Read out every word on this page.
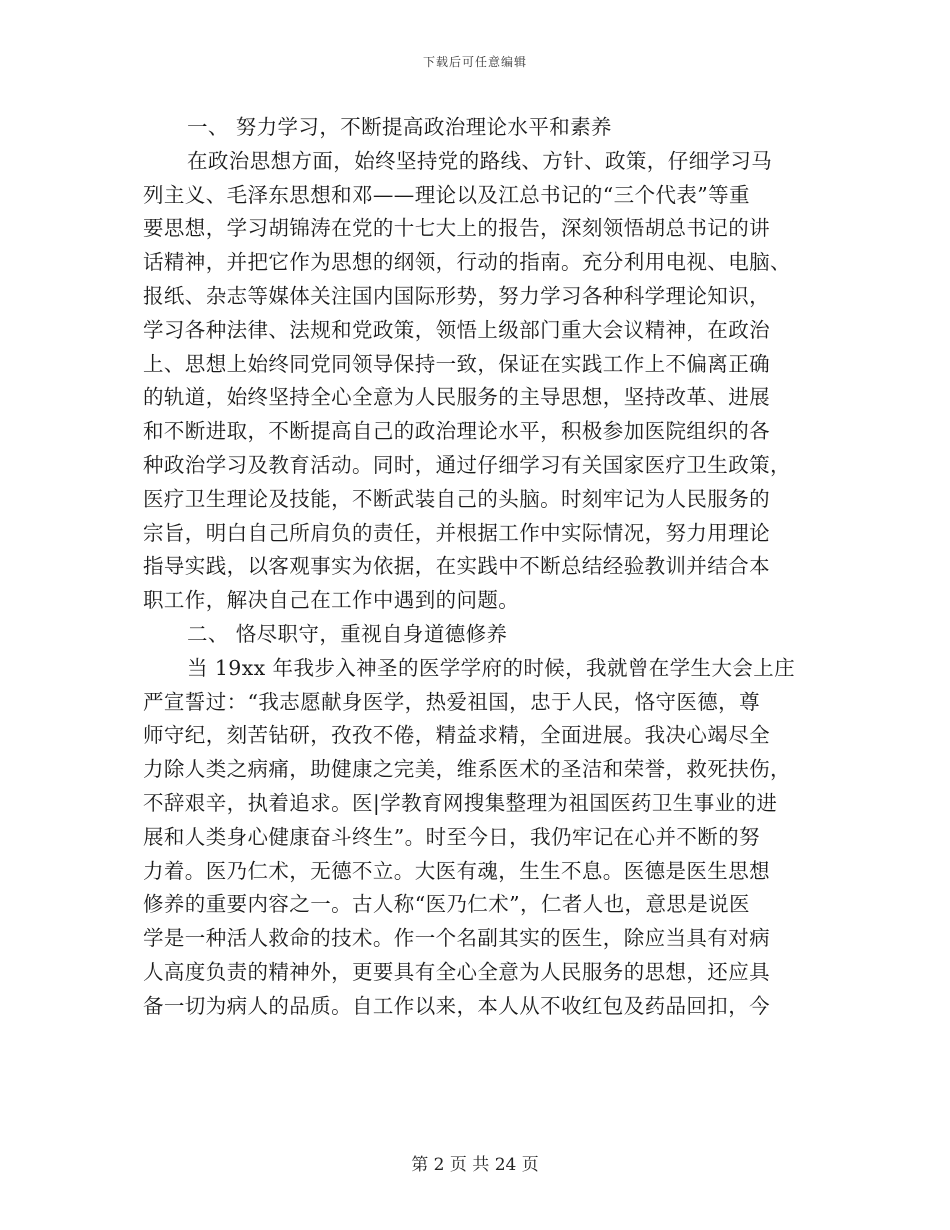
下载后可任意编辑
一、 努力学习，不断提高政治理论水平和素养
在政治思想方面，始终坚持党的路线、方针、政策，仔细学习马
列主义、毛泽东思想和邓——理论以及江总书记的“三个代表”等重
要思想，学习胡锦涛在党的十七大上的报告，深刻领悟胡总书记的讲
话精神，并把它作为思想的纲领，行动的指南。充分利用电视、电脑、
报纸、杂志等媒体关注国内国际形势，努力学习各种科学理论知识，
学习各种法律、法规和党政策，领悟上级部门重大会议精神，在政治
上、思想上始终同党同领导保持一致，保证在实践工作上不偏离正确
的轨道，始终坚持全心全意为人民服务的主导思想，坚持改革、进展
和不断进取，不断提高自己的政治理论水平，积极参加医院组织的各
种政治学习及教育活动。同时，通过仔细学习有关国家医疗卫生政策，
医疗卫生理论及技能，不断武装自己的头脑。时刻牢记为人民服务的
宗旨，明白自己所肩负的责任，并根据工作中实际情况，努力用理论
指导实践，以客观事实为依据，在实践中不断总结经验教训并结合本
职工作，解决自己在工作中遇到的问题。
二、 恪尽职守，重视自身道德修养
当 19xx 年我步入神圣的医学学府的时候，我就曾在学生大会上庄
严宣誓过：“我志愿献身医学，热爱祖国，忠于人民，恪守医德，尊
师守纪，刻苦钻研，孜孜不倦，精益求精，全面进展。我决心竭尽全
力除人类之病痛，助健康之完美，维系医术的圣洁和荣誉，救死扶伤，
不辞艰辛，执着追求。医|学教育网搜集整理为祖国医药卫生事业的进
展和人类身心健康奋斗终生”。时至今日，我仍牢记在心并不断的努
力着。医乃仁术，无德不立。大医有魂，生生不息。医德是医生思想
修养的重要内容之一。古人称“医乃仁术”，仁者人也，意思是说医
学是一种活人救命的技术。作一个名副其实的医生，除应当具有对病
人高度负责的精神外，更要具有全心全意为人民服务的思想，还应具
备一切为病人的品质。自工作以来，本人从不收红包及药品回扣，今
第 2 页 共 24 页
